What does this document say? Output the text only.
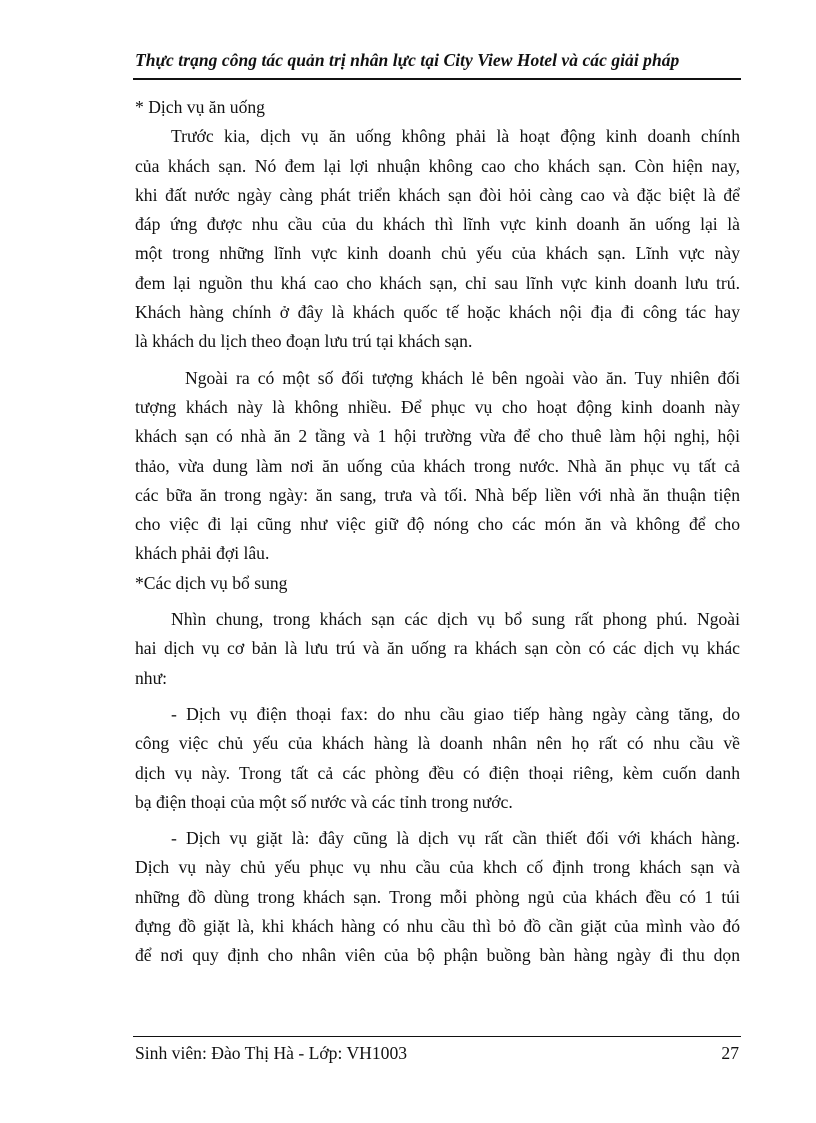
Thực trạng công tác quản trị nhân lực tại City View Hotel và các giải pháp
* Dịch vụ ăn uống
Trước kia, dịch vụ ăn uống không phải là hoạt động kinh doanh chính
của khách sạn. Nó đem lại lợi nhuận không cao cho khách sạn. Còn hiện nay,
khi đất nước ngày càng phát triển khách sạn đòi hỏi càng cao và đặc biệt là để
đáp ứng được nhu cầu của du khách thì lĩnh vực kinh doanh ăn uống lại là
một trong những lĩnh vực kinh doanh chủ yếu của khách sạn. Lĩnh vực này
đem lại nguồn thu khá cao cho khách sạn, chỉ sau lĩnh vực kinh doanh lưu trú.
Khách hàng chính ở đây là khách quốc tế hoặc khách nội địa đi công tác hay
là khách du lịch theo đoạn lưu trú tại khách sạn.
Ngoài ra có một số đối tượng khách lẻ bên ngoài vào ăn. Tuy nhiên đối
tượng khách này là không nhiều. Để phục vụ cho hoạt động kinh doanh này
khách sạn có nhà ăn 2 tầng và 1 hội trường vừa để cho thuê làm hội nghị, hội
thảo, vừa dung làm nơi ăn uống của khách trong nước. Nhà ăn phục vụ tất cả
các bữa ăn trong ngày: ăn sang, trưa và tối. Nhà bếp liền với nhà ăn thuận tiện
cho việc đi lại cũng như việc giữ độ nóng cho các món ăn và không để cho
khách phải đợi lâu.
*Các dịch vụ bổ sung
Nhìn chung, trong khách sạn các dịch vụ bổ sung rất phong phú. Ngoài
hai dịch vụ cơ bản là lưu trú và ăn uống ra khách sạn còn có các dịch vụ khác
như:
- Dịch vụ điện thoại fax: do nhu cầu giao tiếp hàng ngày càng tăng, do
công việc chủ yếu của khách hàng là doanh nhân nên họ rất có nhu cầu về
dịch vụ này. Trong tất cả các phòng đều có điện thoại riêng, kèm cuốn danh
bạ điện thoại của một số nước và các tỉnh trong nước.
- Dịch vụ giặt là: đây cũng là dịch vụ rất cần thiết đối với khách hàng.
Dịch vụ này chủ yếu phục vụ nhu cầu của khch cố định trong khách sạn và
những đồ dùng trong khách sạn. Trong mỗi phòng ngủ của khách đều có 1 túi
đựng đồ giặt là, khi khách hàng có nhu cầu thì bỏ đồ cần giặt của mình vào đó
để nơi quy định cho nhân viên của bộ phận buồng bàn hàng ngày đi thu dọn
Sinh viên: Đào Thị Hà - Lớp: VH1003	27
